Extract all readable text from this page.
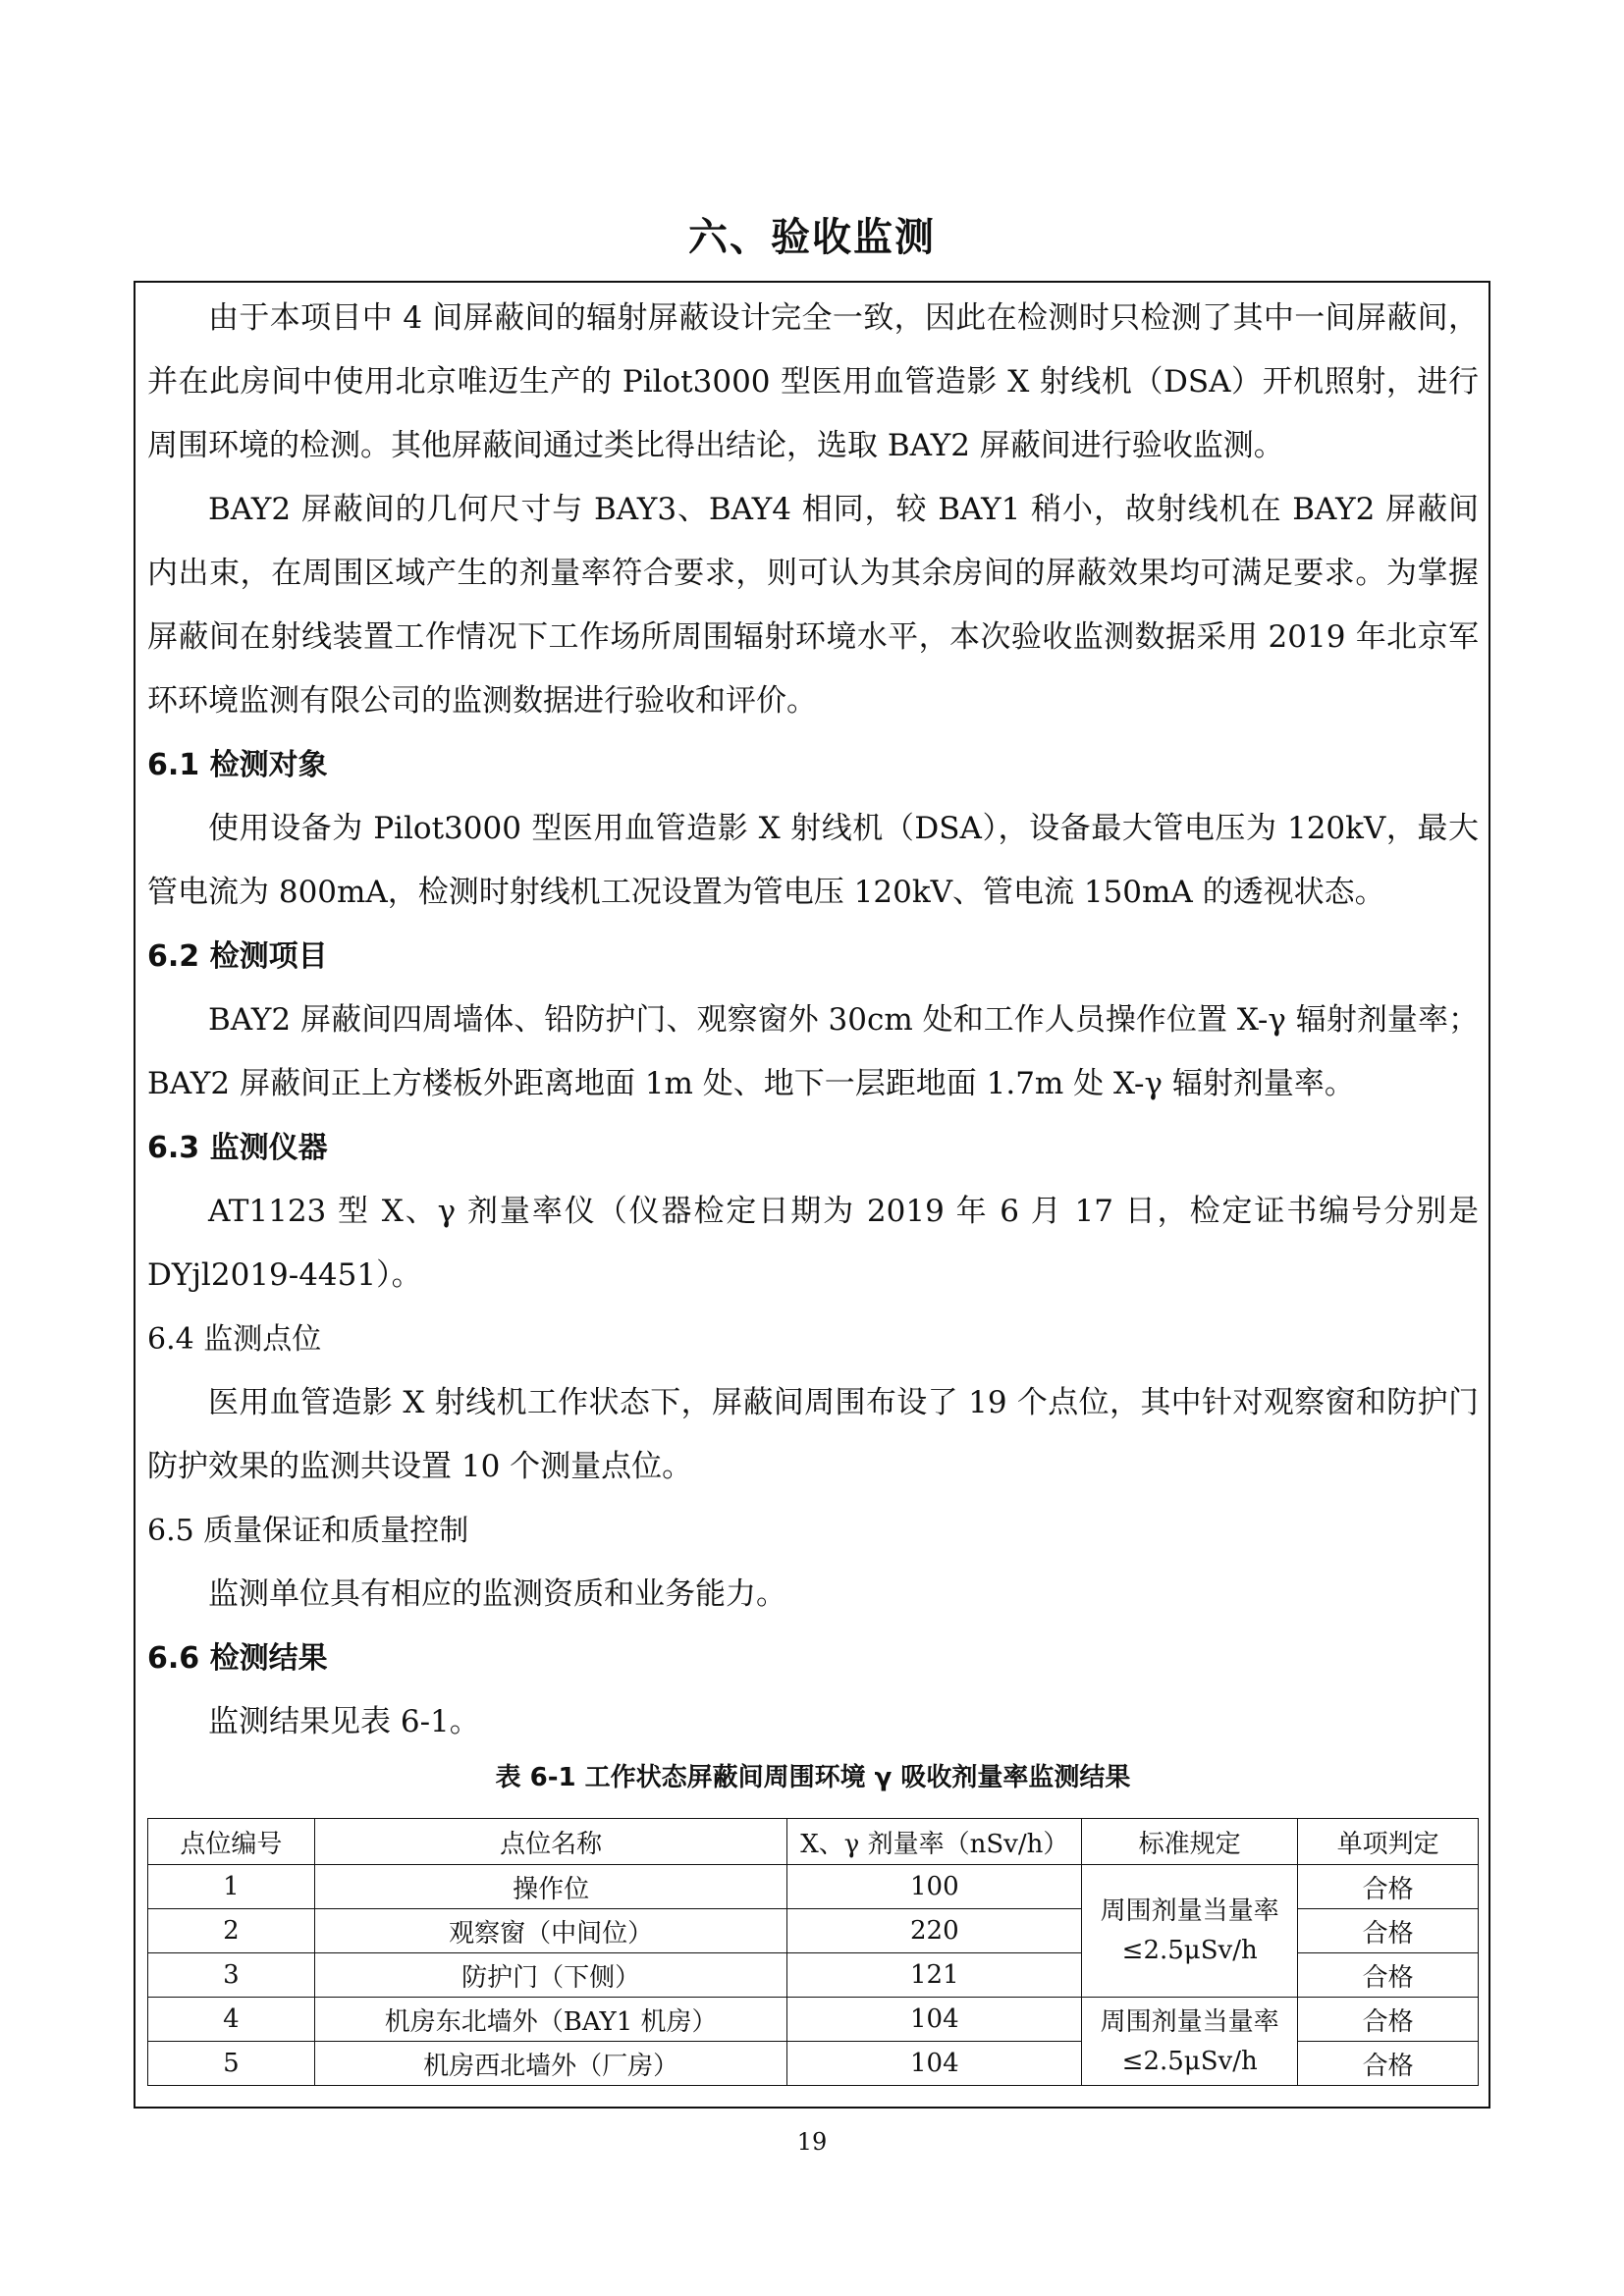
六、验收监测

由于本项目中 4 间屏蔽间的辐射屏蔽设计完全一致，因此在检测时只检测了其中一间屏蔽间，并在此房间中使用北京唯迈生产的 Pilot3000 型医用血管造影 X 射线机（DSA）开机照射，进行周围环境的检测。其他屏蔽间通过类比得出结论，选取 BAY2 屏蔽间进行验收监测。

BAY2 屏蔽间的几何尺寸与 BAY3、BAY4 相同，较 BAY1 稍小，故射线机在 BAY2 屏蔽间内出束，在周围区域产生的剂量率符合要求，则可认为其余房间的屏蔽效果均可满足要求。为掌握屏蔽间在射线装置工作情况下工作场所周围辐射环境水平，本次验收监测数据采用 2019 年北京军环环境监测有限公司的监测数据进行验收和评价。

6.1 检测对象

使用设备为 Pilot3000 型医用血管造影 X 射线机（DSA），设备最大管电压为 120kV，最大管电流为 800mA，检测时射线机工况设置为管电压 120kV、管电流 150mA 的透视状态。

6.2 检测项目

BAY2 屏蔽间四周墙体、铅防护门、观察窗外 30cm 处和工作人员操作位置 X-γ 辐射剂量率；BAY2 屏蔽间正上方楼板外距离地面 1m 处、地下一层距地面 1.7m 处 X-γ 辐射剂量率。

6.3 监测仪器

AT1123 型 X、γ 剂量率仪（仪器检定日期为 2019 年 6 月 17 日，检定证书编号分别是 DYjl2019-4451）。

6.4 监测点位

医用血管造影 X 射线机工作状态下，屏蔽间周围布设了 19 个点位，其中针对观察窗和防护门防护效果的监测共设置 10 个测量点位。

6.5 质量保证和质量控制

监测单位具有相应的监测资质和业务能力。

6.6 检测结果

监测结果见表 6-1。

表 6-1 工作状态屏蔽间周围环境 γ 吸收剂量率监测结果

点位编号	点位名称	X、γ 剂量率（nSv/h）	标准规定	单项判定
1	操作位	100	周围剂量当量率≤2.5μSv/h	合格
2	观察窗（中间位）	220		合格
3	防护门（下侧）	121		合格
4	机房东北墙外（BAY1 机房）	104	周围剂量当量率≤2.5μSv/h	合格
5	机房西北墙外（厂房）	104		合格
19
